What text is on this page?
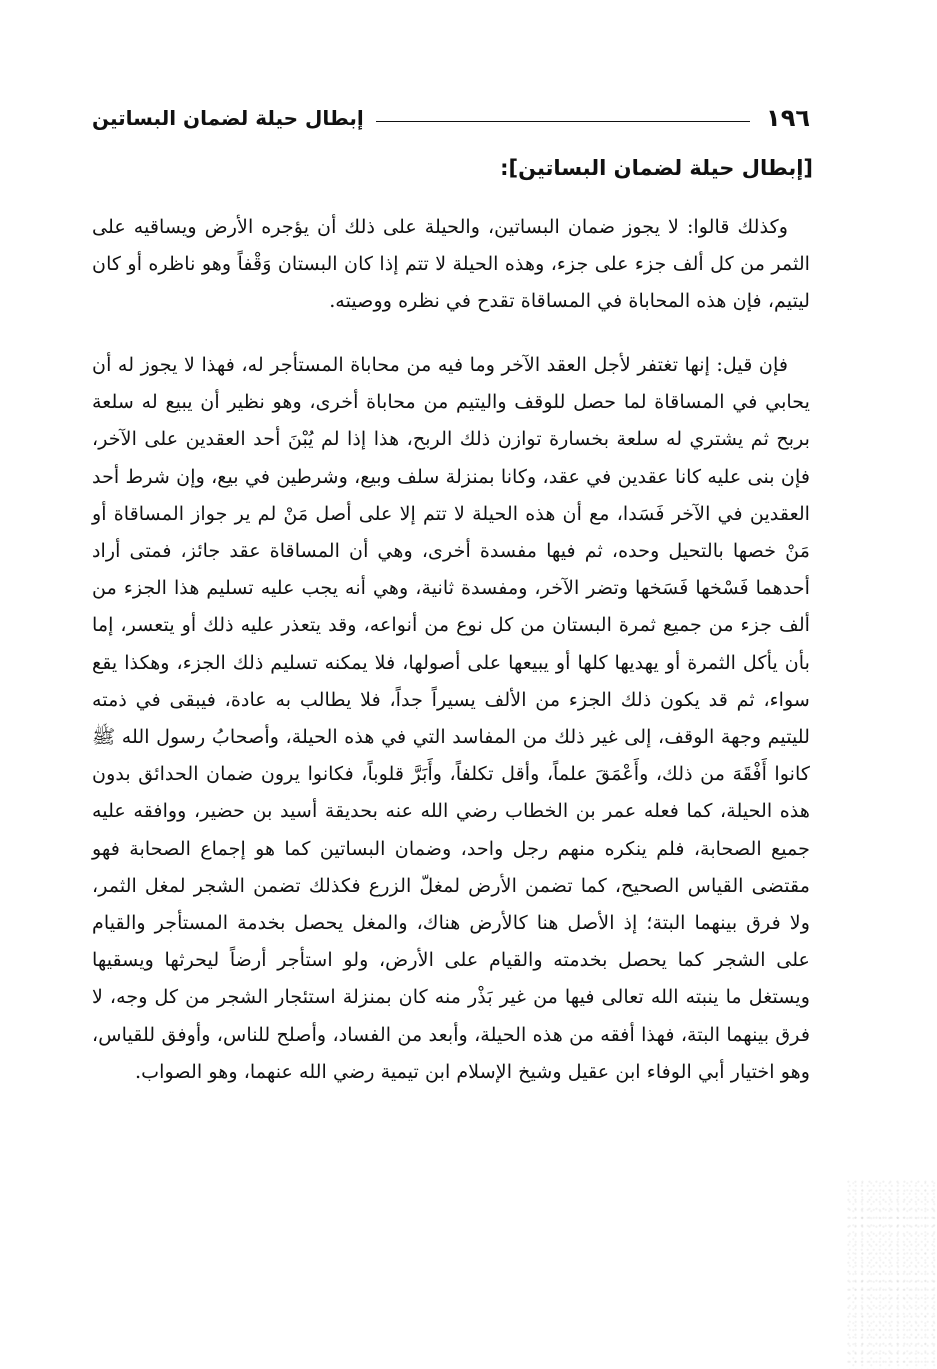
١٩٦
إبطال حيلة لضمان البساتين
[إبطال حيلة لضمان البساتين]:

وكذلك قالوا: لا يجوز ضمان البساتين، والحيلة على ذلك أن يؤجره الأرض ويساقيه على الثمر من كل ألف جزء على جزء، وهذه الحيلة لا تتم إذا كان البستان وَقْفاً وهو ناظره أو كان ليتيم، فإن هذه المحاباة في المساقاة تقدح في نظره ووصيته.

فإن قيل: إنها تغتفر لأجل العقد الآخر وما فيه من محاباة المستأجر له، فهذا لا يجوز له أن يحابي في المساقاة لما حصل للوقف واليتيم من محاباة أخرى، وهو نظير أن يبيع له سلعة بربح ثم يشتري له سلعة بخسارة توازن ذلك الربح، هذا إذا لم يُبْنَ أحد العقدين على الآخر، فإن بنى عليه كانا عقدين في عقد، وكانا بمنزلة سلف وبيع، وشرطين في بيع، وإن شرط أحد العقدين في الآخر فَسَدا، مع أن هذه الحيلة لا تتم إلا على أصل مَنْ لم ير جواز المساقاة أو مَنْ خصها بالتحيل وحده، ثم فيها مفسدة أخرى، وهي أن المساقاة عقد جائز، فمتى أراد أحدهما فَسْخها فَسَخها وتضر الآخر، ومفسدة ثانية، وهي أنه يجب عليه تسليم هذا الجزء من ألف جزء من جميع ثمرة البستان من كل نوع من أنواعه، وقد يتعذر عليه ذلك أو يتعسر، إما بأن يأكل الثمرة أو يهديها كلها أو يبيعها على أصولها، فلا يمكنه تسليم ذلك الجزء، وهكذا يقع سواء، ثم قد يكون ذلك الجزء من الألف يسيراً جداً، فلا يطالب به عادة، فيبقى في ذمته لليتيم وجهة الوقف، إلى غير ذلك من المفاسد التي في هذه الحيلة، وأصحابُ رسول الله ﷺ كانوا أَفْقَهَ من ذلك، وأَعْمَقَ علماً، وأقل تكلفاً، وأَبَرَّ قلوباً، فكانوا يرون ضمان الحدائق بدون هذه الحيلة، كما فعله عمر بن الخطاب رضي الله عنه بحديقة أسيد بن حضير، ووافقه عليه جميع الصحابة، فلم ينكره منهم رجل واحد، وضمان البساتين كما هو إجماع الصحابة فهو مقتضى القياس الصحيح، كما تضمن الأرض لمغلّ الزرع فكذلك تضمن الشجر لمغل الثمر، ولا فرق بينهما البتة؛ إذ الأصل هنا كالأرض هناك، والمغل يحصل بخدمة المستأجر والقيام على الشجر كما يحصل بخدمته والقيام على الأرض، ولو استأجر أرضاً ليحرثها ويسقيها ويستغل ما ينبته الله تعالى فيها من غير بَذْر منه كان بمنزلة استئجار الشجر من كل وجه، لا فرق بينهما البتة، فهذا أفقه من هذه الحيلة، وأبعد من الفساد، وأصلح للناس، وأوفق للقياس، وهو اختيار أبي الوفاء ابن عقيل وشيخ الإسلام ابن تيمية رضي الله عنهما، وهو الصواب.
